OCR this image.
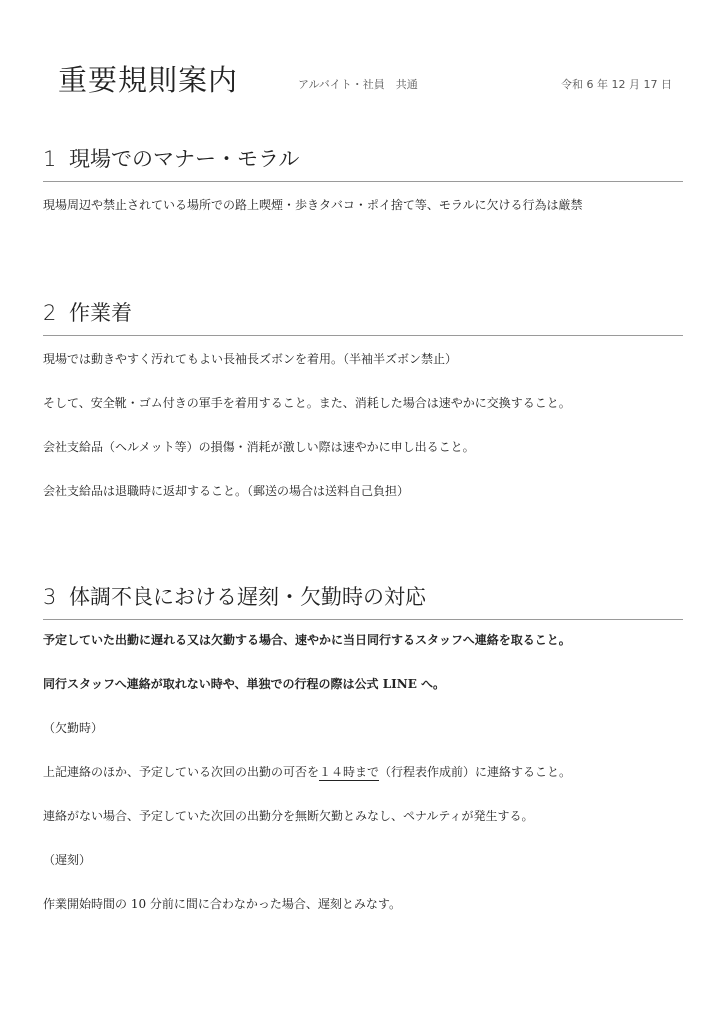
重要規則案内	アルバイト・社員　共通	令和 6 年 12 月 17 日
1 現場でのマナー・モラル

現場周辺や禁止されている場所での路上喫煙・歩きタバコ・ポイ捨て等、モラルに欠ける行為は厳禁

2 作業着

現場では動きやすく汚れてもよい長袖長ズボンを着用。（半袖半ズボン禁止）

そして、安全靴・ゴム付きの軍手を着用すること。また、消耗した場合は速やかに交換すること。

会社支給品（ヘルメット等）の損傷・消耗が激しい際は速やかに申し出ること。

会社支給品は退職時に返却すること。（郵送の場合は送料自己負担）

3 体調不良における遅刻・欠勤時の対応

予定していた出勤に遅れる又は欠勤する場合、速やかに当日同行するスタッフへ連絡を取ること。

同行スタッフへ連絡が取れない時や、単独での行程の際は公式 LINE へ。

（欠勤時）

上記連絡のほか、予定している次回の出勤の可否を１４時まで（行程表作成前）に連絡すること。

連絡がない場合、予定していた次回の出勤分を無断欠勤とみなし、ペナルティが発生する。

（遅刻）

作業開始時間の 10 分前に間に合わなかった場合、遅刻とみなす。
